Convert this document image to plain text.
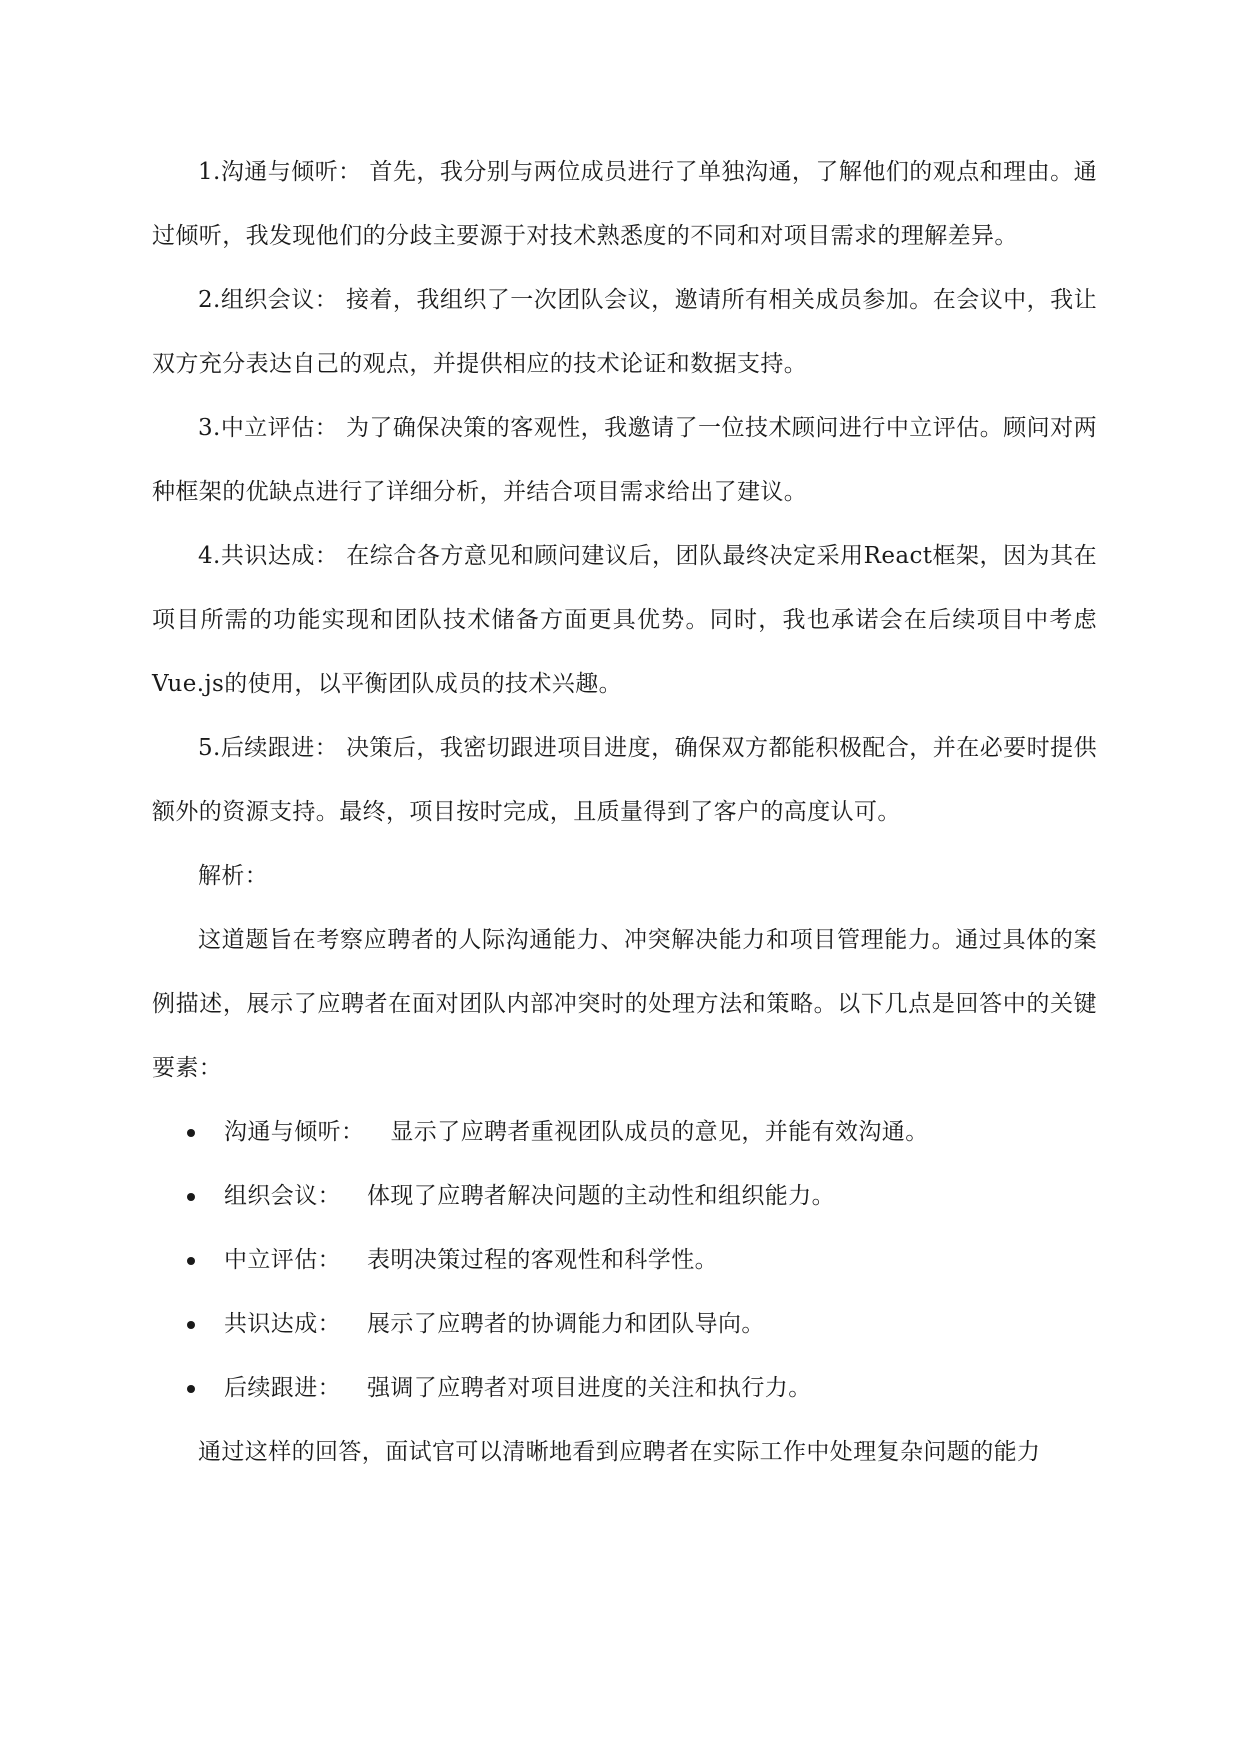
1.沟通与倾听： 首先，我分别与两位成员进行了单独沟通，了解他们的观点和理由。通过倾听，我发现他们的分歧主要源于对技术熟悉度的不同和对项目需求的理解差异。

2.组织会议： 接着，我组织了一次团队会议，邀请所有相关成员参加。在会议中，我让双方充分表达自己的观点，并提供相应的技术论证和数据支持。

3.中立评估： 为了确保决策的客观性，我邀请了一位技术顾问进行中立评估。顾问对两种框架的优缺点进行了详细分析，并结合项目需求给出了建议。

4.共识达成： 在综合各方意见和顾问建议后，团队最终决定采用React框架，因为其在项目所需的功能实现和团队技术储备方面更具优势。同时，我也承诺会在后续项目中考虑Vue.js的使用，以平衡团队成员的技术兴趣。

5.后续跟进： 决策后，我密切跟进项目进度，确保双方都能积极配合，并在必要时提供额外的资源支持。最终，项目按时完成，且质量得到了客户的高度认可。

解析：

这道题旨在考察应聘者的人际沟通能力、冲突解决能力和项目管理能力。通过具体的案例描述，展示了应聘者在面对团队内部冲突时的处理方法和策略。以下几点是回答中的关键要素：

沟通与倾听： 显示了应聘者重视团队成员的意见，并能有效沟通。
组织会议： 体现了应聘者解决问题的主动性和组织能力。
中立评估： 表明决策过程的客观性和科学性。
共识达成： 展示了应聘者的协调能力和团队导向。
后续跟进： 强调了应聘者对项目进度的关注和执行力。

通过这样的回答，面试官可以清晰地看到应聘者在实际工作中处理复杂问题的能力
